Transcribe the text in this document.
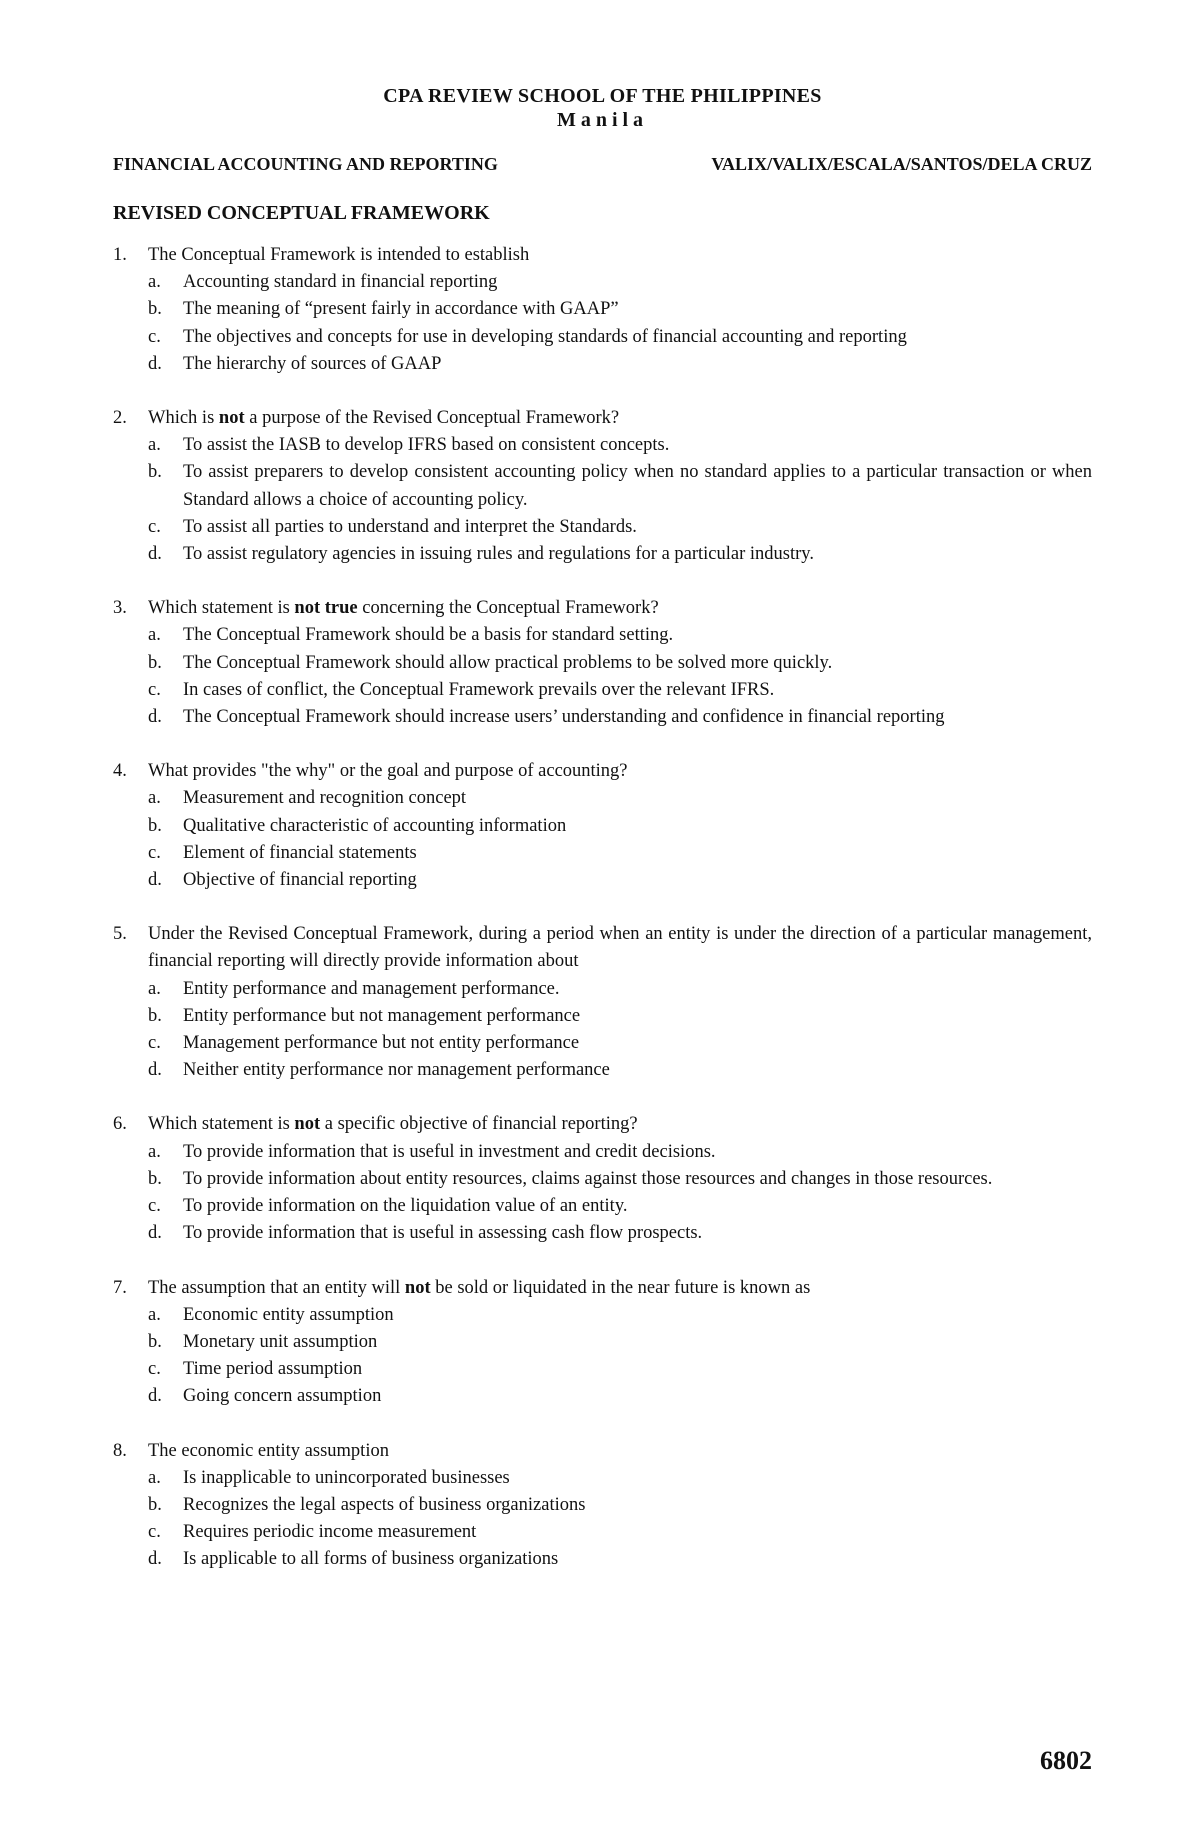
CPA REVIEW SCHOOL OF THE PHILIPPINES

Manila

FINANCIAL ACCOUNTING AND REPORTING	VALIX/VALIX/ESCALA/SANTOS/DELA CRUZ
REVISED CONCEPTUAL FRAMEWORK
1.	The Conceptual Framework is intended to establish
a.	Accounting standard in financial reporting
b.	The meaning of “present fairly in accordance with GAAP”
c.	The objectives and concepts for use in developing standards of financial accounting and reporting
d.	The hierarchy of sources of GAAP
2.	Which is not a purpose of the Revised Conceptual Framework?
a.	To assist the IASB to develop IFRS based on consistent concepts.
b.	To assist preparers to develop consistent accounting policy when no standard applies to a particular transaction or when Standard allows a choice of accounting policy.
c.	To assist all parties to understand and interpret the Standards.
d.	To assist regulatory agencies in issuing rules and regulations for a particular industry.
3.	Which statement is not true concerning the Conceptual Framework?
a.	The Conceptual Framework should be a basis for standard setting.
b.	The Conceptual Framework should allow practical problems to be solved more quickly.
c.	In cases of conflict, the Conceptual Framework prevails over the relevant IFRS.
d.	The Conceptual Framework should increase users’ understanding and confidence in financial reporting
4.	What provides "the why" or the goal and purpose of accounting?
a.	Measurement and recognition concept
b.	Qualitative characteristic of accounting information
c.	Element of financial statements
d.	Objective of financial reporting
5.	Under the Revised Conceptual Framework, during a period when an entity is under the direction of a particular management, financial reporting will directly provide information about
a.	Entity performance and management performance.
b.	Entity performance but not management performance
c.	Management performance but not entity performance
d.	Neither entity performance nor management performance
6.	Which statement is not a specific objective of financial reporting?
a.	To provide information that is useful in investment and credit decisions.
b.	To provide information about entity resources, claims against those resources and changes in those resources.
c.	To provide information on the liquidation value of an entity.
d.	To provide information that is useful in assessing cash flow prospects.
7.	The assumption that an entity will not be sold or liquidated in the near future is known as
a.	Economic entity assumption
b.	Monetary unit assumption
c.	Time period assumption
d.	Going concern assumption
8.	The economic entity assumption
a.	Is inapplicable to unincorporated businesses
b.	Recognizes the legal aspects of business organizations
c.	Requires periodic income measurement
d.	Is applicable to all forms of business organizations
6802
